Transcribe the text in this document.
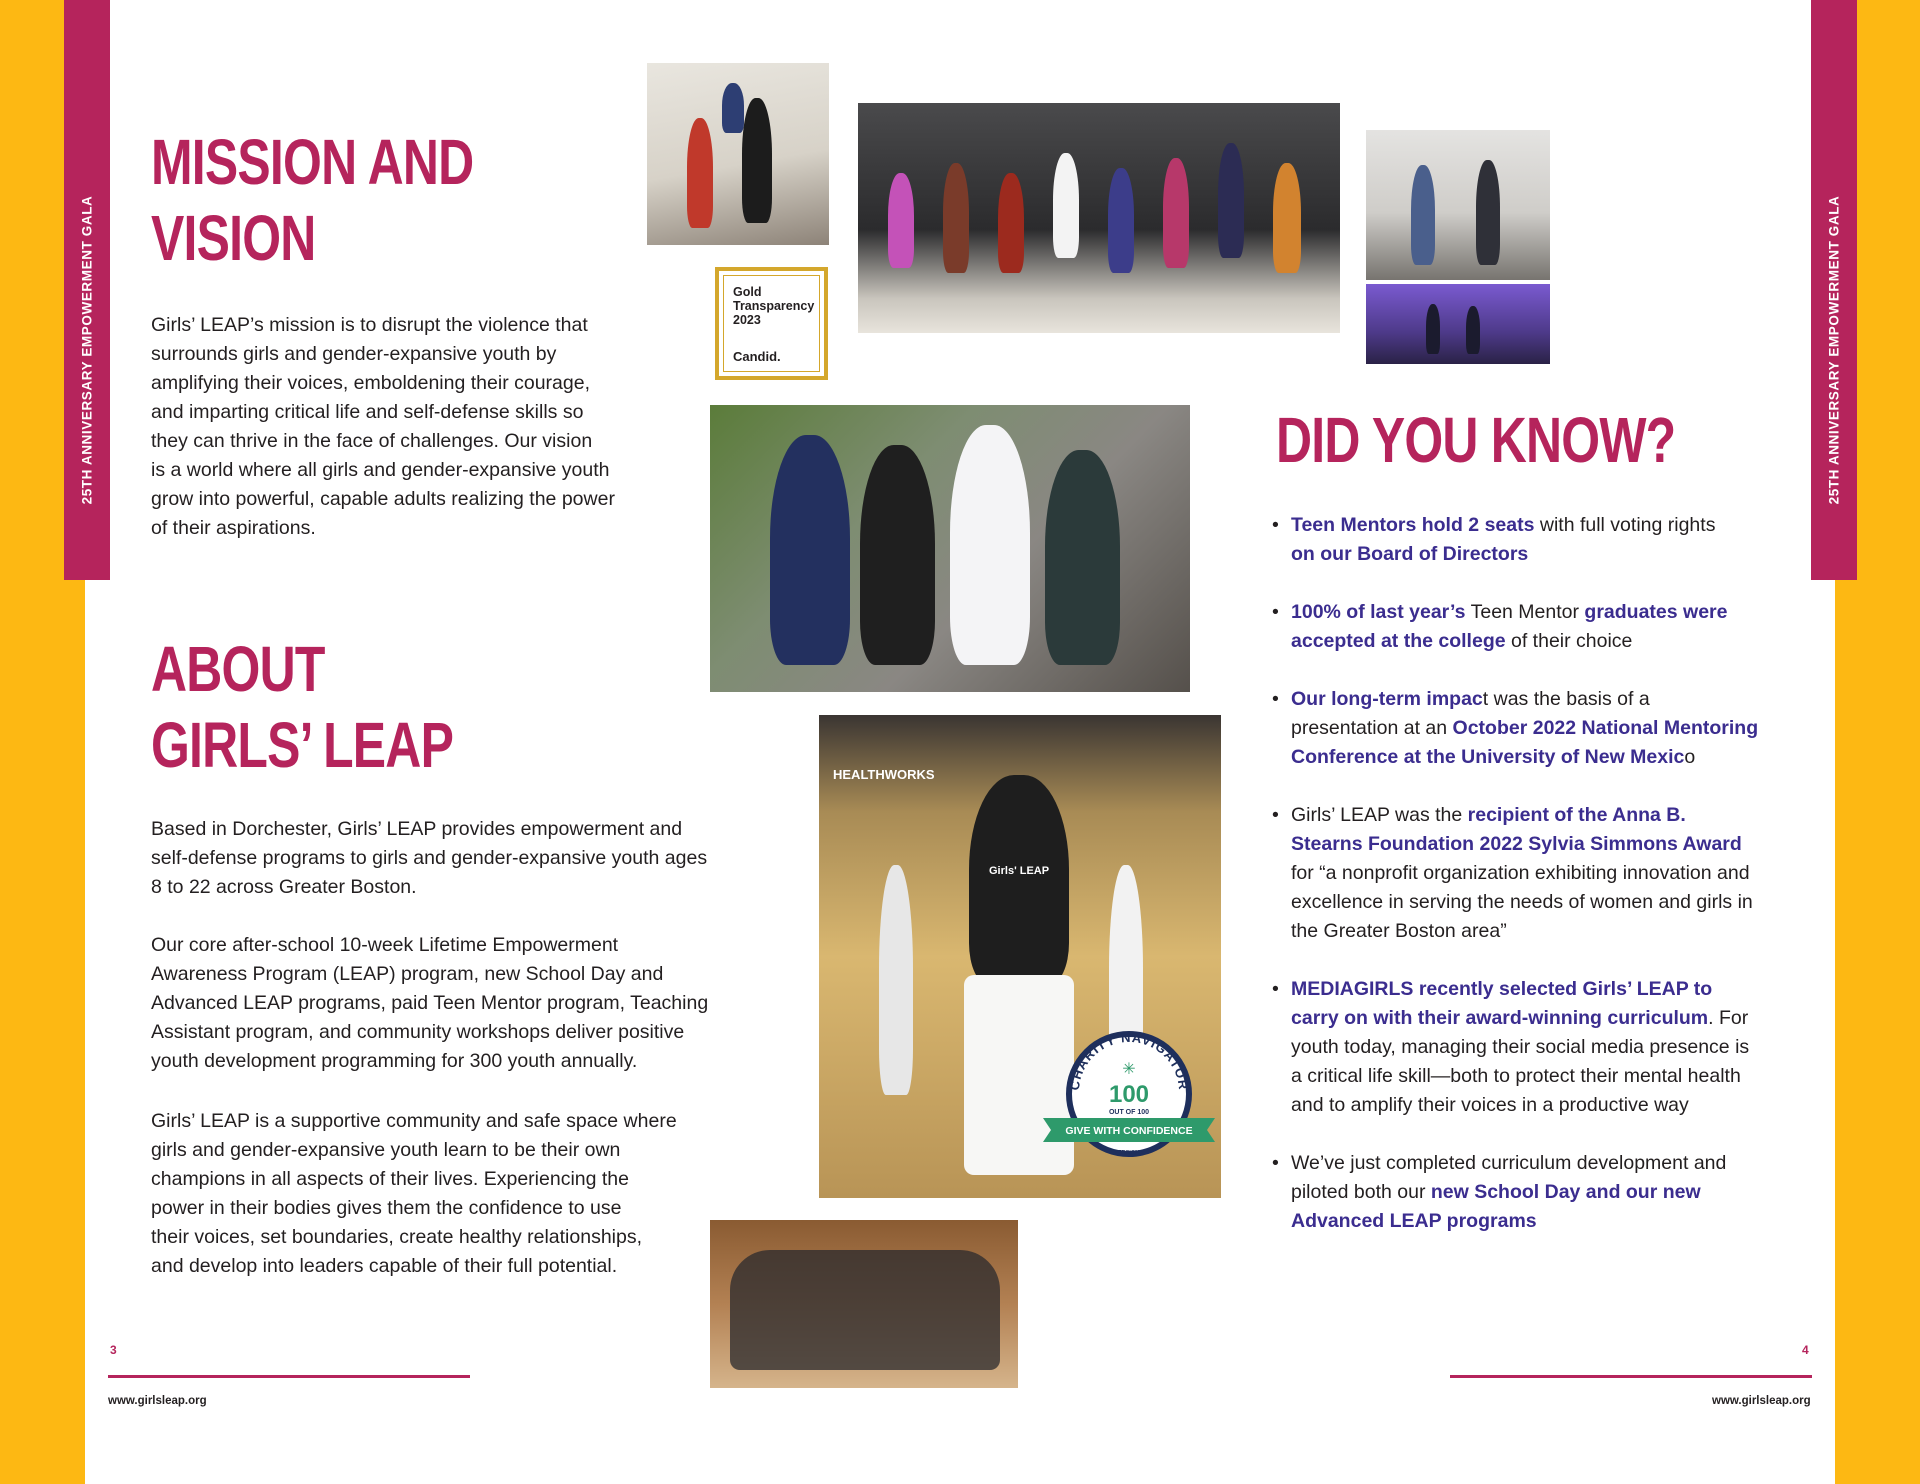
25TH ANNIVERSARY EMPOWERMENT GALA	25TH ANNIVERSARY EMPOWERMENT GALA
MISSION AND
VISION

Girls’ LEAP’s mission is to disrupt the violence that
surrounds girls and gender-expansive youth by
amplifying their voices, emboldening their courage,
and imparting critical life and self-defense skills so
they can thrive in the face of challenges. Our vision
is a world where all girls and gender-expansive youth
grow into powerful, capable adults realizing the power
of their aspirations.

ABOUT
GIRLS’ LEAP

Based in Dorchester, Girls’ LEAP provides empowerment and
self-defense programs to girls and gender-expansive youth ages
8 to 22 across Greater Boston.

Our core after-school 10-week Lifetime Empowerment
Awareness Program (LEAP) program, new School Day and
Advanced LEAP programs, paid Teen Mentor program, Teaching
Assistant program, and community workshops deliver positive
youth development programming for 300 youth annually.

Girls’ LEAP is a supportive community and safe space where
girls and gender-expansive youth learn to be their own
champions in all aspects of their lives. Experiencing the
power in their bodies gives them the confidence to use
their voices, set boundaries, create healthy relationships,
and develop into leaders capable of their full potential.

Gold
Transparency
2023
Candid.
HEALTHWORKS
Girls' LEAP
CHARITY NAVIGATOR
✳
100
OUT OF 100
GIVE WITH CONFIDENCE
VERSION 2
DID YOU KNOW?
• Teen Mentors hold 2 seats with full voting rights
on our Board of Directors
• 100% of last year’s Teen Mentor graduates were accepted at the college of their choice
• Our long-term impact was the basis of a presentation at an October 2022 National Mentoring Conference at the University of New Mexico
• Girls’ LEAP was the recipient of the Anna B. Stearns Foundation 2022 Sylvia Simmons Award for “a nonprofit organization exhibiting innovation and excellence in serving the needs of women and girls in the Greater Boston area”
• MEDIAGIRLS recently selected Girls’ LEAP to carry on with their award-winning curriculum. For youth today, managing their social media presence is a critical life skill—both to protect their mental health and to amplify their voices in a productive way
• We’ve just completed curriculum development and piloted both our new School Day and our new Advanced LEAP programs
3
www.girlsleap.org
4
www.girlsleap.org
